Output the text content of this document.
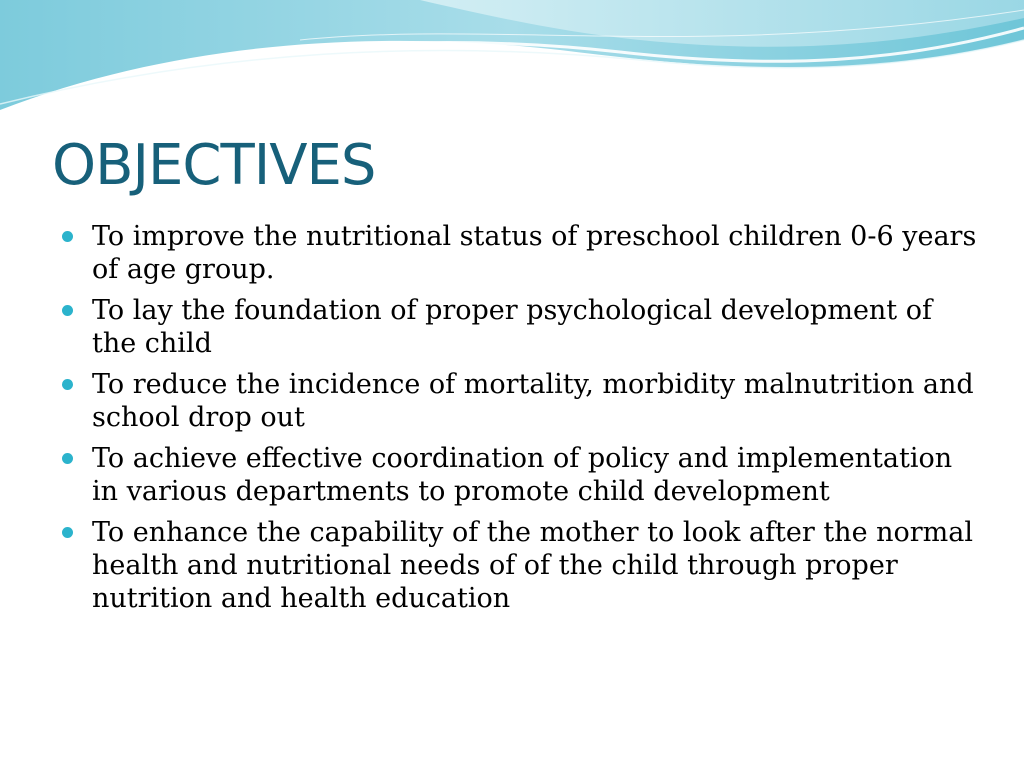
OBJECTIVES
To improve the nutritional status of preschool children 0-6 years of age group.
To lay the foundation of proper psychological development of the child
To reduce the incidence of mortality, morbidity malnutrition and school drop out
To achieve effective coordination of policy and implementation in various departments to promote child development
To enhance the capability of the mother to look after the normal health and nutritional needs of of the child through proper nutrition and health education
